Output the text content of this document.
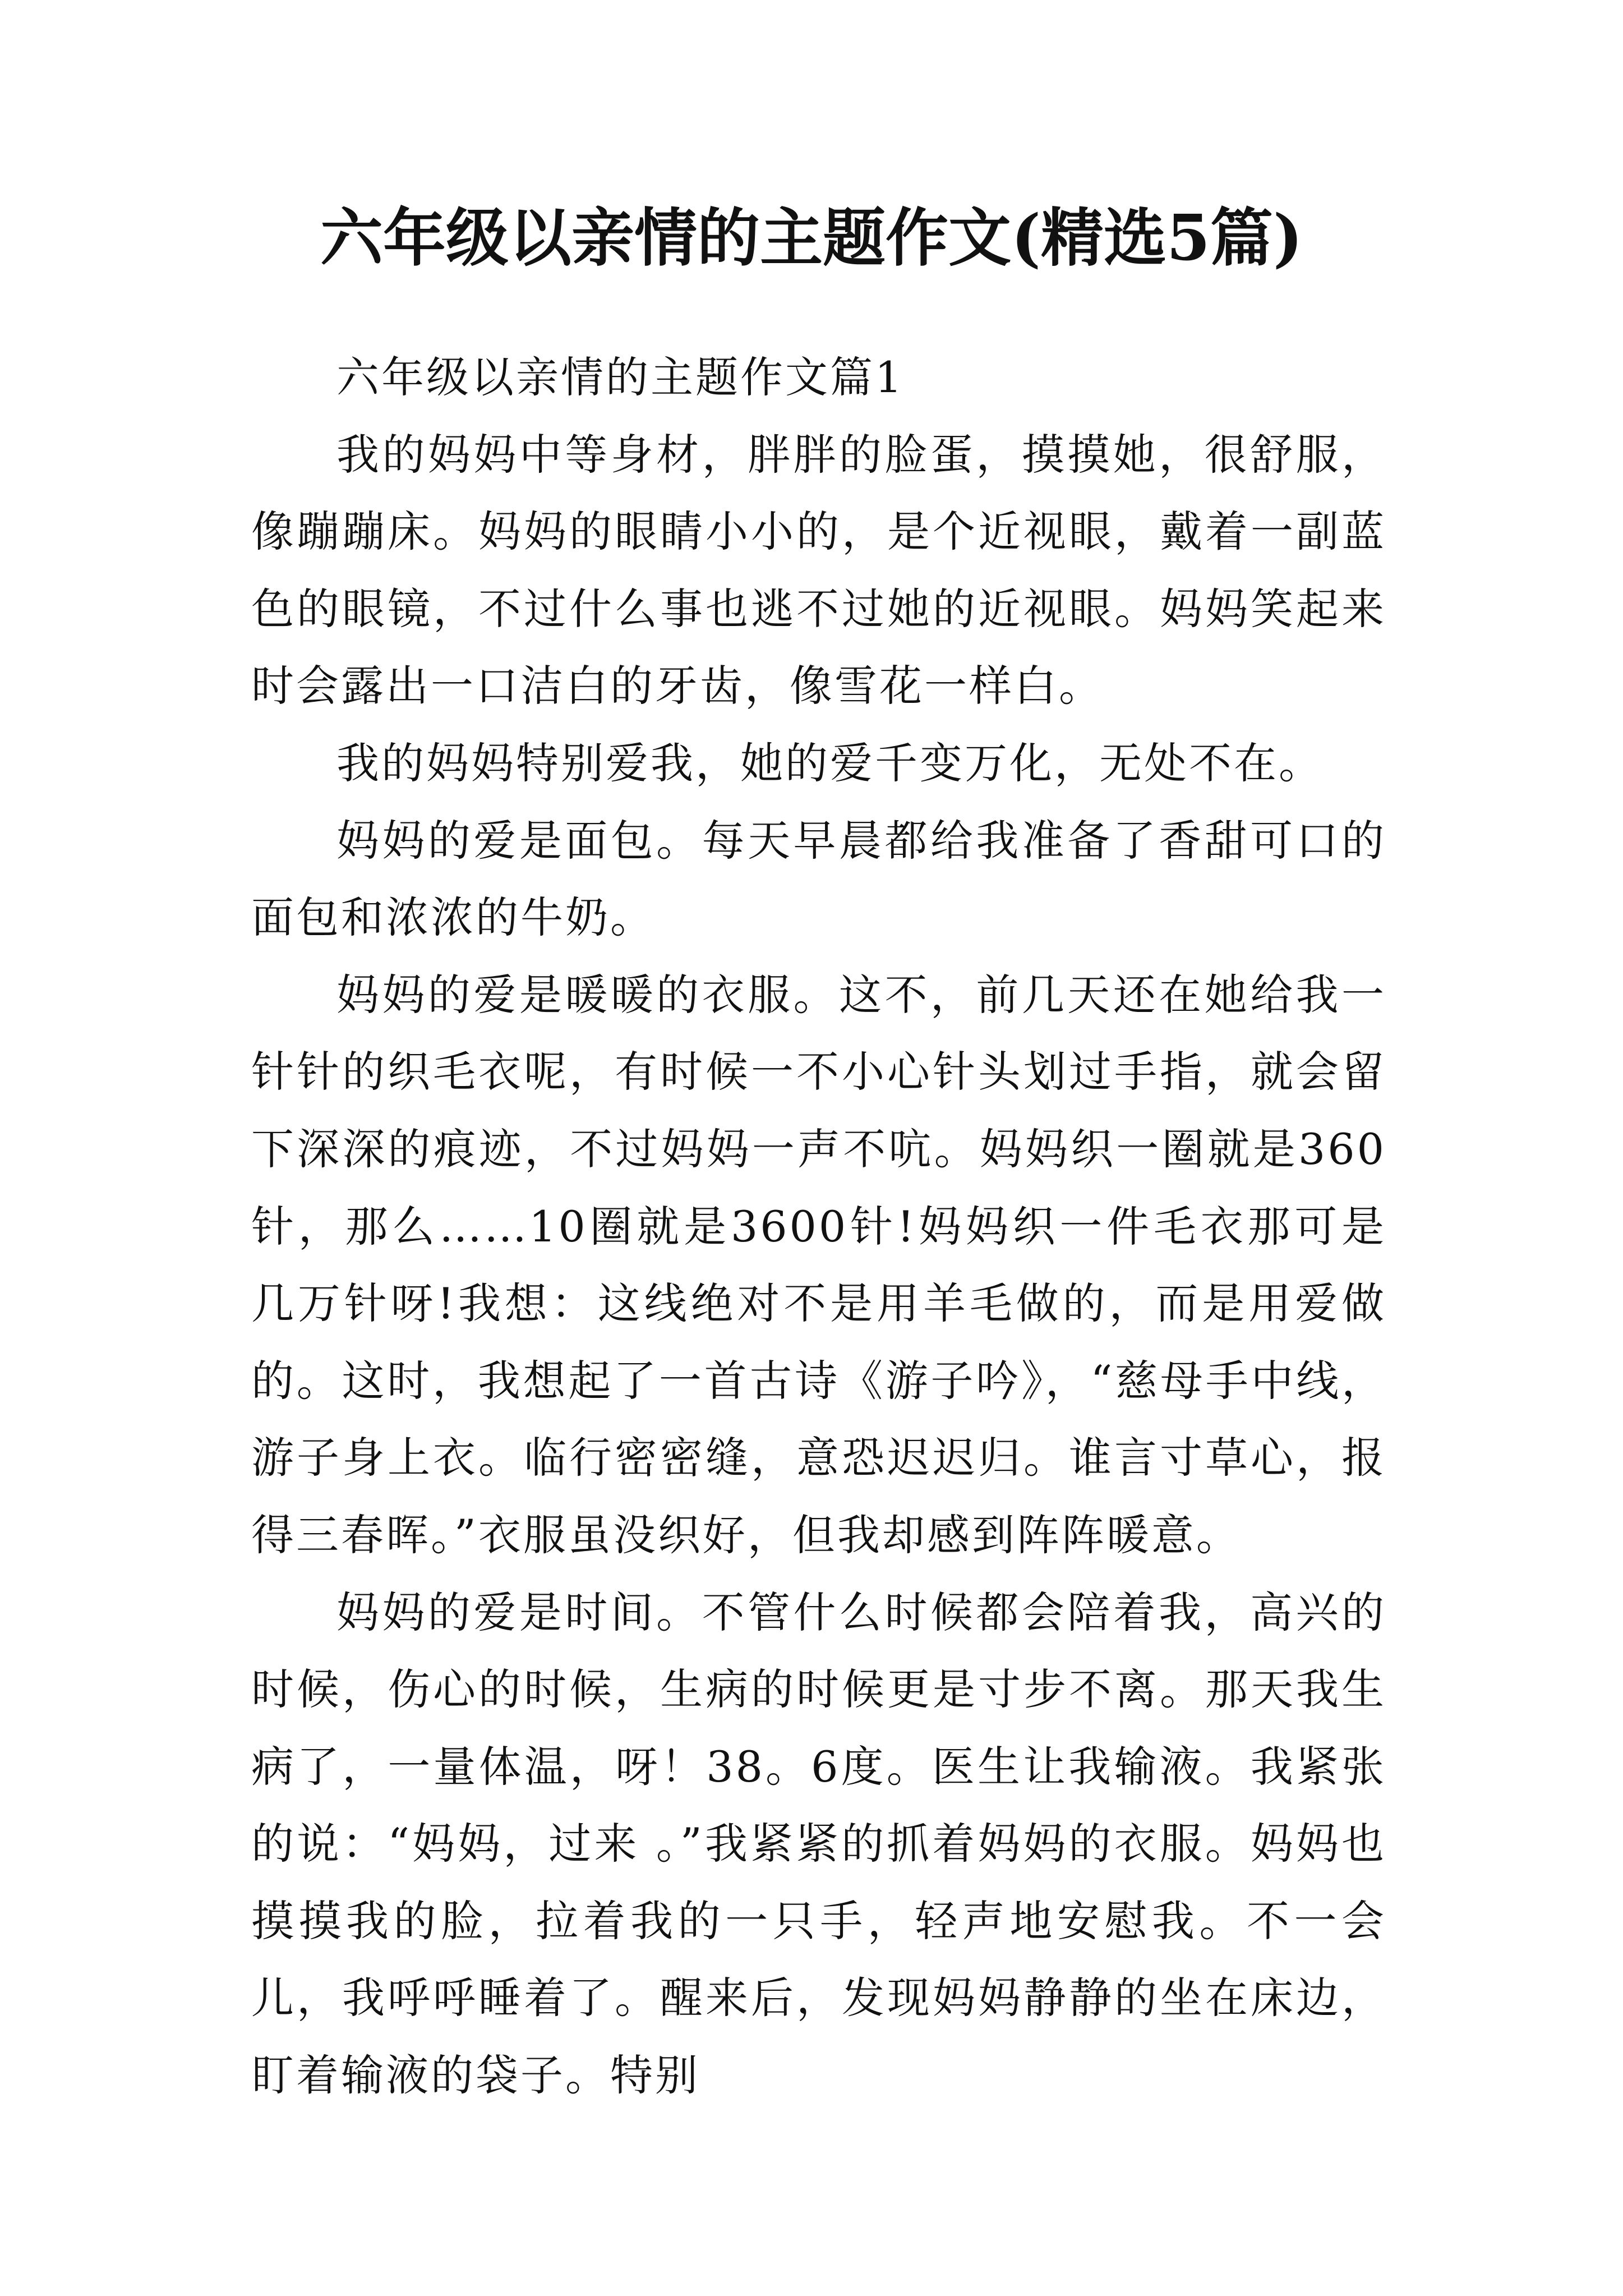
六年级以亲情的主题作文(精选5篇)

六年级以亲情的主题作文篇1

我的妈妈中等身材，胖胖的脸蛋，摸摸她，很舒服，像蹦蹦床。妈妈的眼睛小小的，是个近视眼，戴着一副蓝色的眼镜，不过什么事也逃不过她的近视眼。妈妈笑起来时会露出一口洁白的牙齿，像雪花一样白。

我的妈妈特别爱我，她的爱千变万化，无处不在。

妈妈的爱是面包。每天早晨都给我准备了香甜可口的面包和浓浓的牛奶。

妈妈的爱是暖暖的衣服。这不，前几天还在她给我一针针的织毛衣呢，有时候一不小心针头划过手指，就会留下深深的痕迹，不过妈妈一声不吭。妈妈织一圈就是360针，那么……10圈就是3600针!妈妈织一件毛衣那可是几万针呀!我想：这线绝对不是用羊毛做的，而是用爱做的。这时，我想起了一首古诗《游子吟》，“慈母手中线，游子身上衣。临行密密缝，意恐迟迟归。谁言寸草心，报得三春晖。”衣服虽没织好，但我却感到阵阵暖意。

妈妈的爱是时间。不管什么时候都会陪着我，高兴的时候，伤心的时候，生病的时候更是寸步不离。那天我生病了，一量体温，呀！38。6度。医生让我输液。我紧张的说：“妈妈，过来 。”我紧紧的抓着妈妈的衣服。妈妈也摸摸我的脸，拉着我的一只手，轻声地安慰我。不一会儿，我呼呼睡着了。醒来后，发现妈妈静静的坐在床边，盯着输液的袋子。特别
